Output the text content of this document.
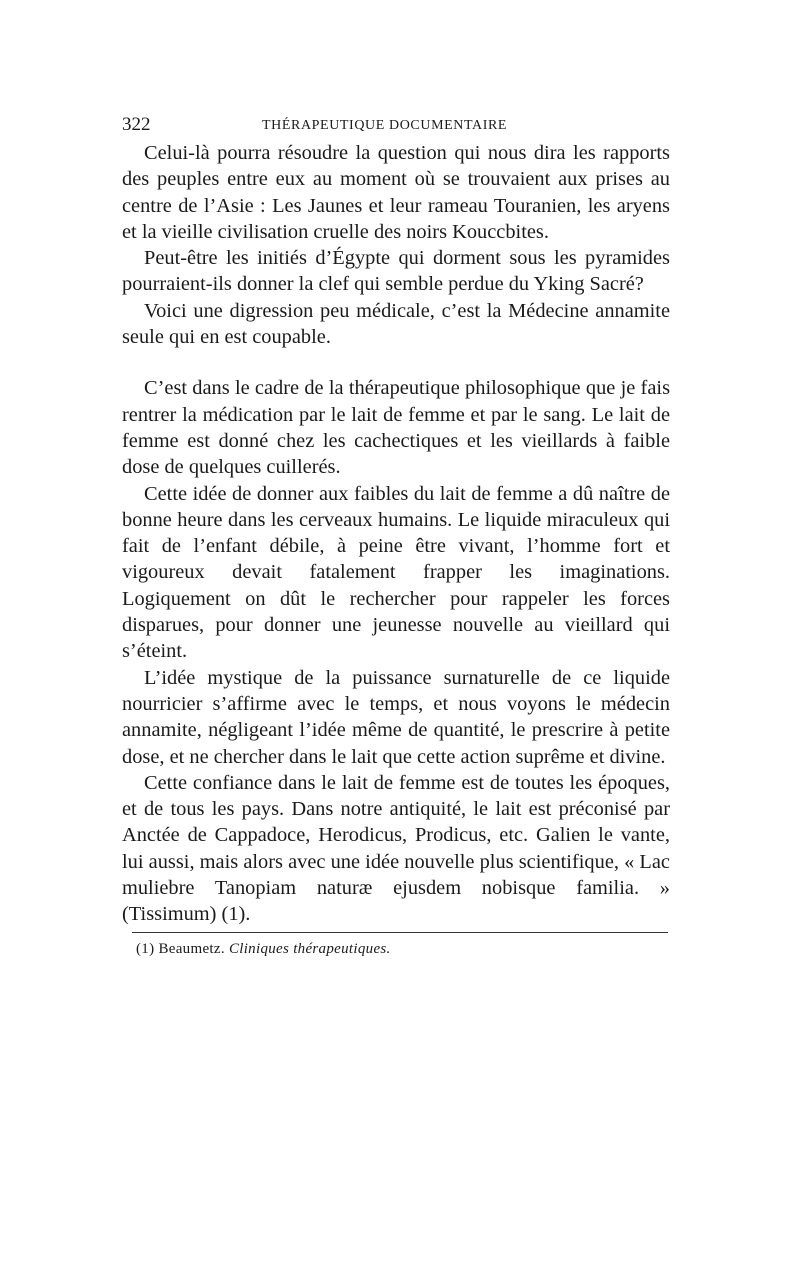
322	THÉRAPEUTIQUE DOCUMENTAIRE

Celui-là pourra résoudre la question qui nous dira les rapports des peuples entre eux au moment où se trouvaient aux prises au centre de l’Asie : Les Jaunes et leur rameau Touranien, les aryens et la vieille civilisation cruelle des noirs Kouccbites.

Peut-être les initiés d’Égypte qui dorment sous les pyramides pourraient-ils donner la clef qui semble perdue du Yking Sacré?

Voici une digression peu médicale, c’est la Médecine annamite seule qui en est coupable.

C’est dans le cadre de la thérapeutique philosophique que je fais rentrer la médication par le lait de femme et par le sang. Le lait de femme est donné chez les cachectiques et les vieillards à faible dose de quelques cuillerés.

Cette idée de donner aux faibles du lait de femme a dû naître de bonne heure dans les cerveaux humains. Le liquide miraculeux qui fait de l’enfant débile, à peine être vivant, l’homme fort et vigoureux devait fatalement frapper les imaginations. Logiquement on dût le rechercher pour rappeler les forces disparues, pour donner une jeunesse nouvelle au vieillard qui s’éteint.

L’idée mystique de la puissance surnaturelle de ce liquide nourricier s’affirme avec le temps, et nous voyons le médecin annamite, négligeant l’idée même de quantité, le prescrire à petite dose, et ne chercher dans le lait que cette action suprême et divine.

Cette confiance dans le lait de femme est de toutes les époques, et de tous les pays. Dans notre antiquité, le lait est préconisé par Anctée de Cappadoce, Herodicus, Prodicus, etc. Galien le vante, lui aussi, mais alors avec une idée nouvelle plus scientifique, « Lac muliebre Tanopiam naturæ ejusdem nobisque familia. » (Tissimum) (1).

(1) Beaumetz. Cliniques thérapeutiques.
